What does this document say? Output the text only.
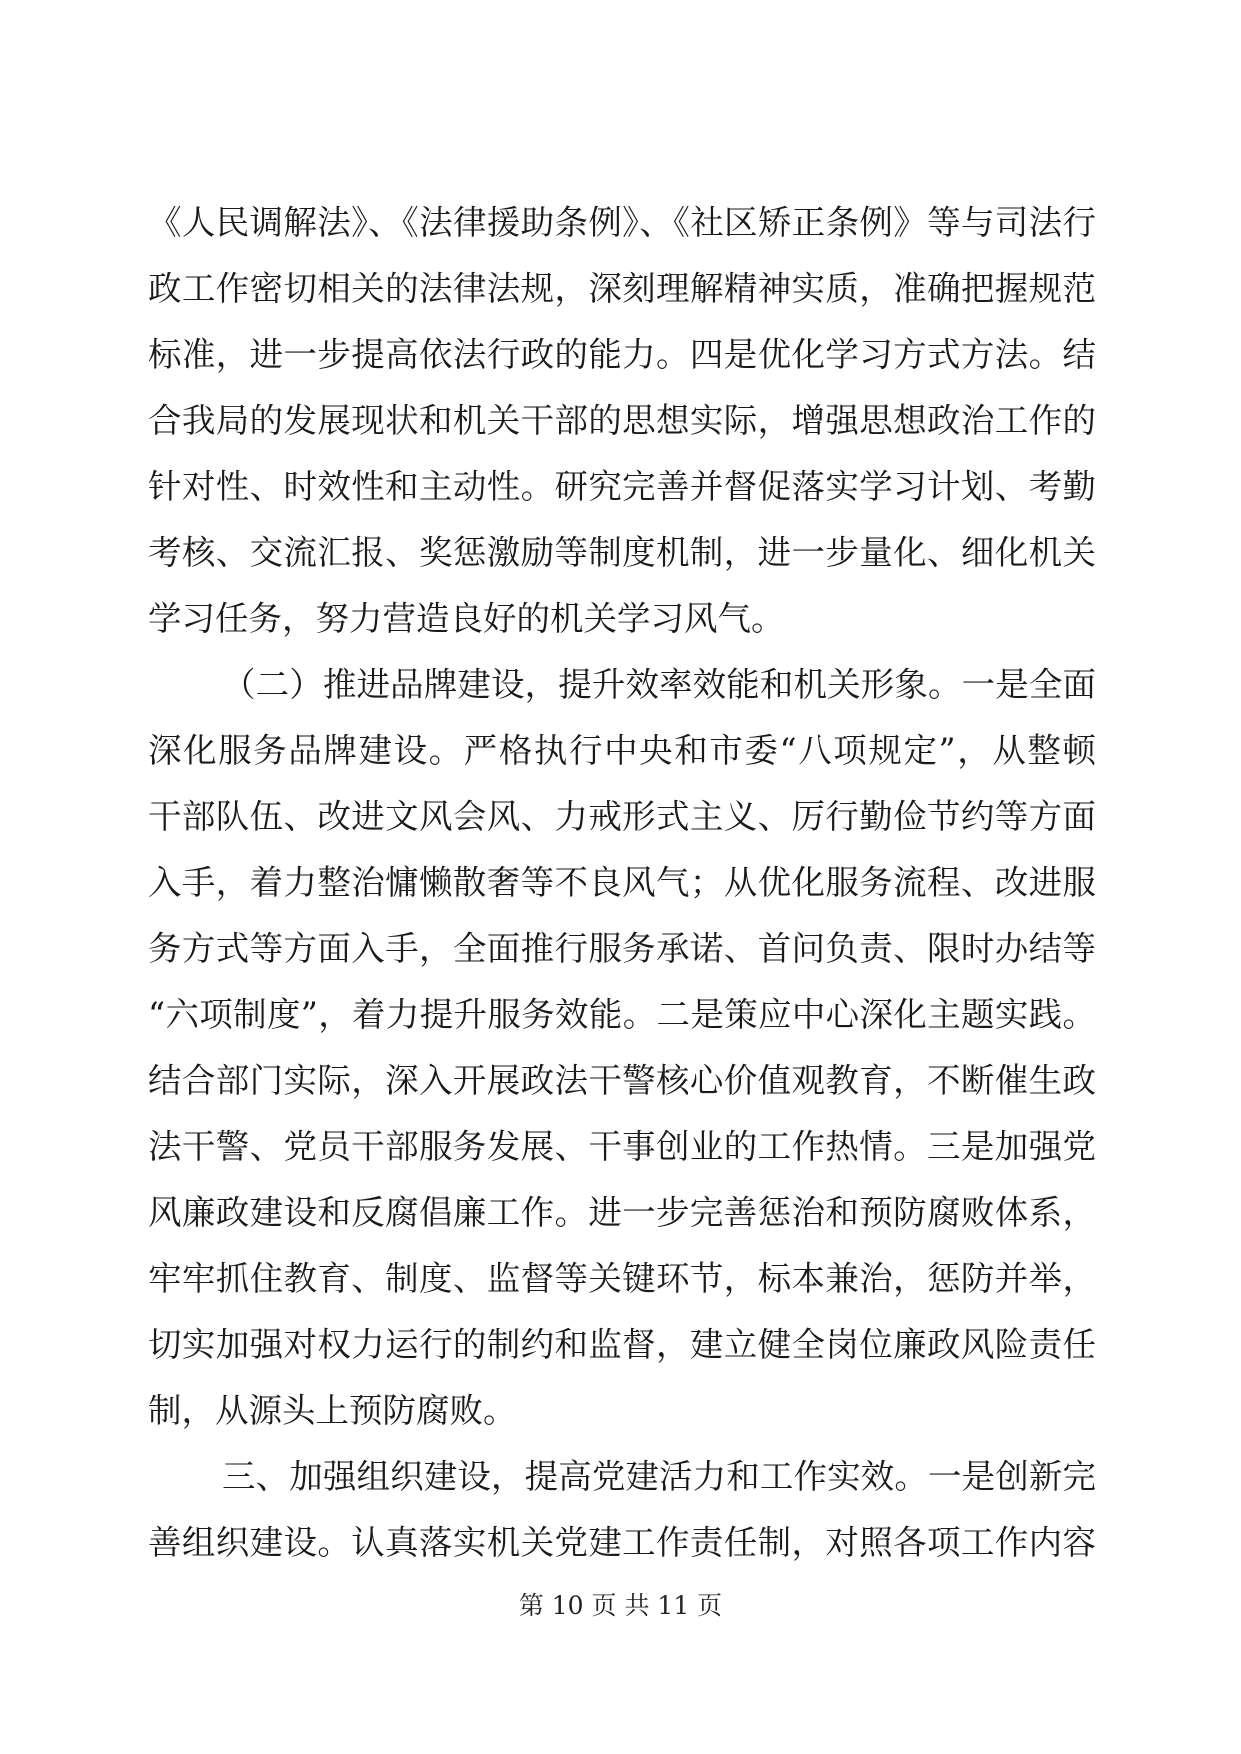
《人民调解法》、《法律援助条例》、《社区矫正条例》等与司法行
政工作密切相关的法律法规，深刻理解精神实质，准确把握规范
标准，进一步提高依法行政的能力。四是优化学习方式方法。结
合我局的发展现状和机关干部的思想实际，增强思想政治工作的
针对性、时效性和主动性。研究完善并督促落实学习计划、考勤
考核、交流汇报、奖惩激励等制度机制，进一步量化、细化机关
学习任务，努力营造良好的机关学习风气。
（二）推进品牌建设，提升效率效能和机关形象。一是全面
深化服务品牌建设。严格执行中央和市委“八项规定”，从整顿
干部队伍、改进文风会风、力戒形式主义、厉行勤俭节约等方面
入手，着力整治慵懒散奢等不良风气；从优化服务流程、改进服
务方式等方面入手，全面推行服务承诺、首问负责、限时办结等
“六项制度”，着力提升服务效能。二是策应中心深化主题实践。
结合部门实际，深入开展政法干警核心价值观教育，不断催生政
法干警、党员干部服务发展、干事创业的工作热情。三是加强党
风廉政建设和反腐倡廉工作。进一步完善惩治和预防腐败体系，
牢牢抓住教育、制度、监督等关键环节，标本兼治，惩防并举，
切实加强对权力运行的制约和监督，建立健全岗位廉政风险责任
制，从源头上预防腐败。
三、加强组织建设，提高党建活力和工作实效。一是创新完
善组织建设。认真落实机关党建工作责任制，对照各项工作内容
第 10 页 共 11 页
